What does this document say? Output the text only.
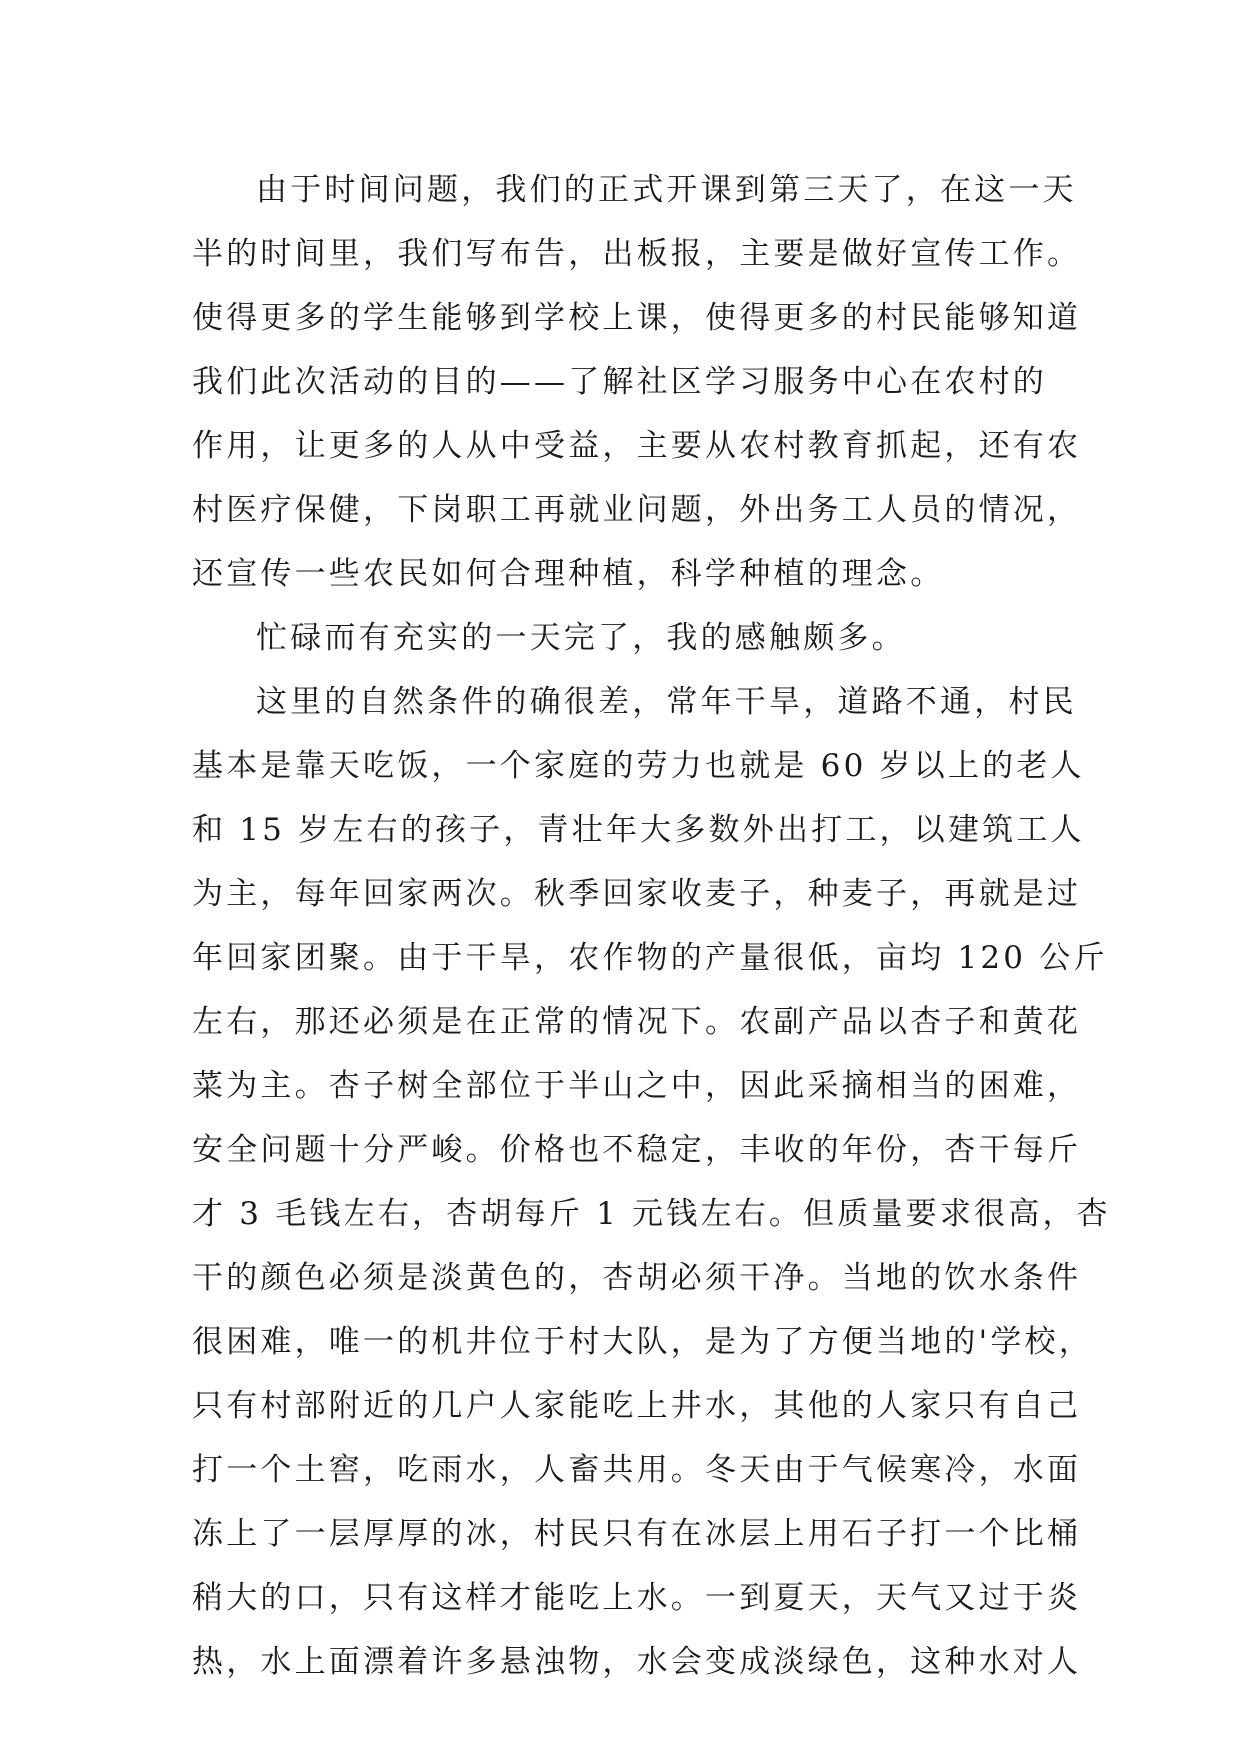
由于时间问题，我们的正式开课到第三天了，在这一天
半的时间里，我们写布告，出板报，主要是做好宣传工作。
使得更多的学生能够到学校上课，使得更多的村民能够知道
我们此次活动的目的——了解社区学习服务中心在农村的
作用，让更多的人从中受益，主要从农村教育抓起，还有农
村医疗保健，下岗职工再就业问题，外出务工人员的情况，
还宣传一些农民如何合理种植，科学种植的理念。
忙碌而有充实的一天完了，我的感触颇多。
这里的自然条件的确很差，常年干旱，道路不通，村民
基本是靠天吃饭，一个家庭的劳力也就是 60 岁以上的老人
和 15 岁左右的孩子，青壮年大多数外出打工，以建筑工人
为主，每年回家两次。秋季回家收麦子，种麦子，再就是过
年回家团聚。由于干旱，农作物的产量很低，亩均 120 公斤
左右，那还必须是在正常的情况下。农副产品以杏子和黄花
菜为主。杏子树全部位于半山之中，因此采摘相当的困难，
安全问题十分严峻。价格也不稳定，丰收的年份，杏干每斤
才 3 毛钱左右，杏胡每斤 1 元钱左右。但质量要求很高，杏
干的颜色必须是淡黄色的，杏胡必须干净。当地的饮水条件
很困难，唯一的机井位于村大队，是为了方便当地的'学校，
只有村部附近的几户人家能吃上井水，其他的人家只有自己
打一个土窖，吃雨水，人畜共用。冬天由于气候寒冷，水面
冻上了一层厚厚的冰，村民只有在冰层上用石子打一个比桶
稍大的口，只有这样才能吃上水。一到夏天，天气又过于炎
热，水上面漂着许多悬浊物，水会变成淡绿色，这种水对人
